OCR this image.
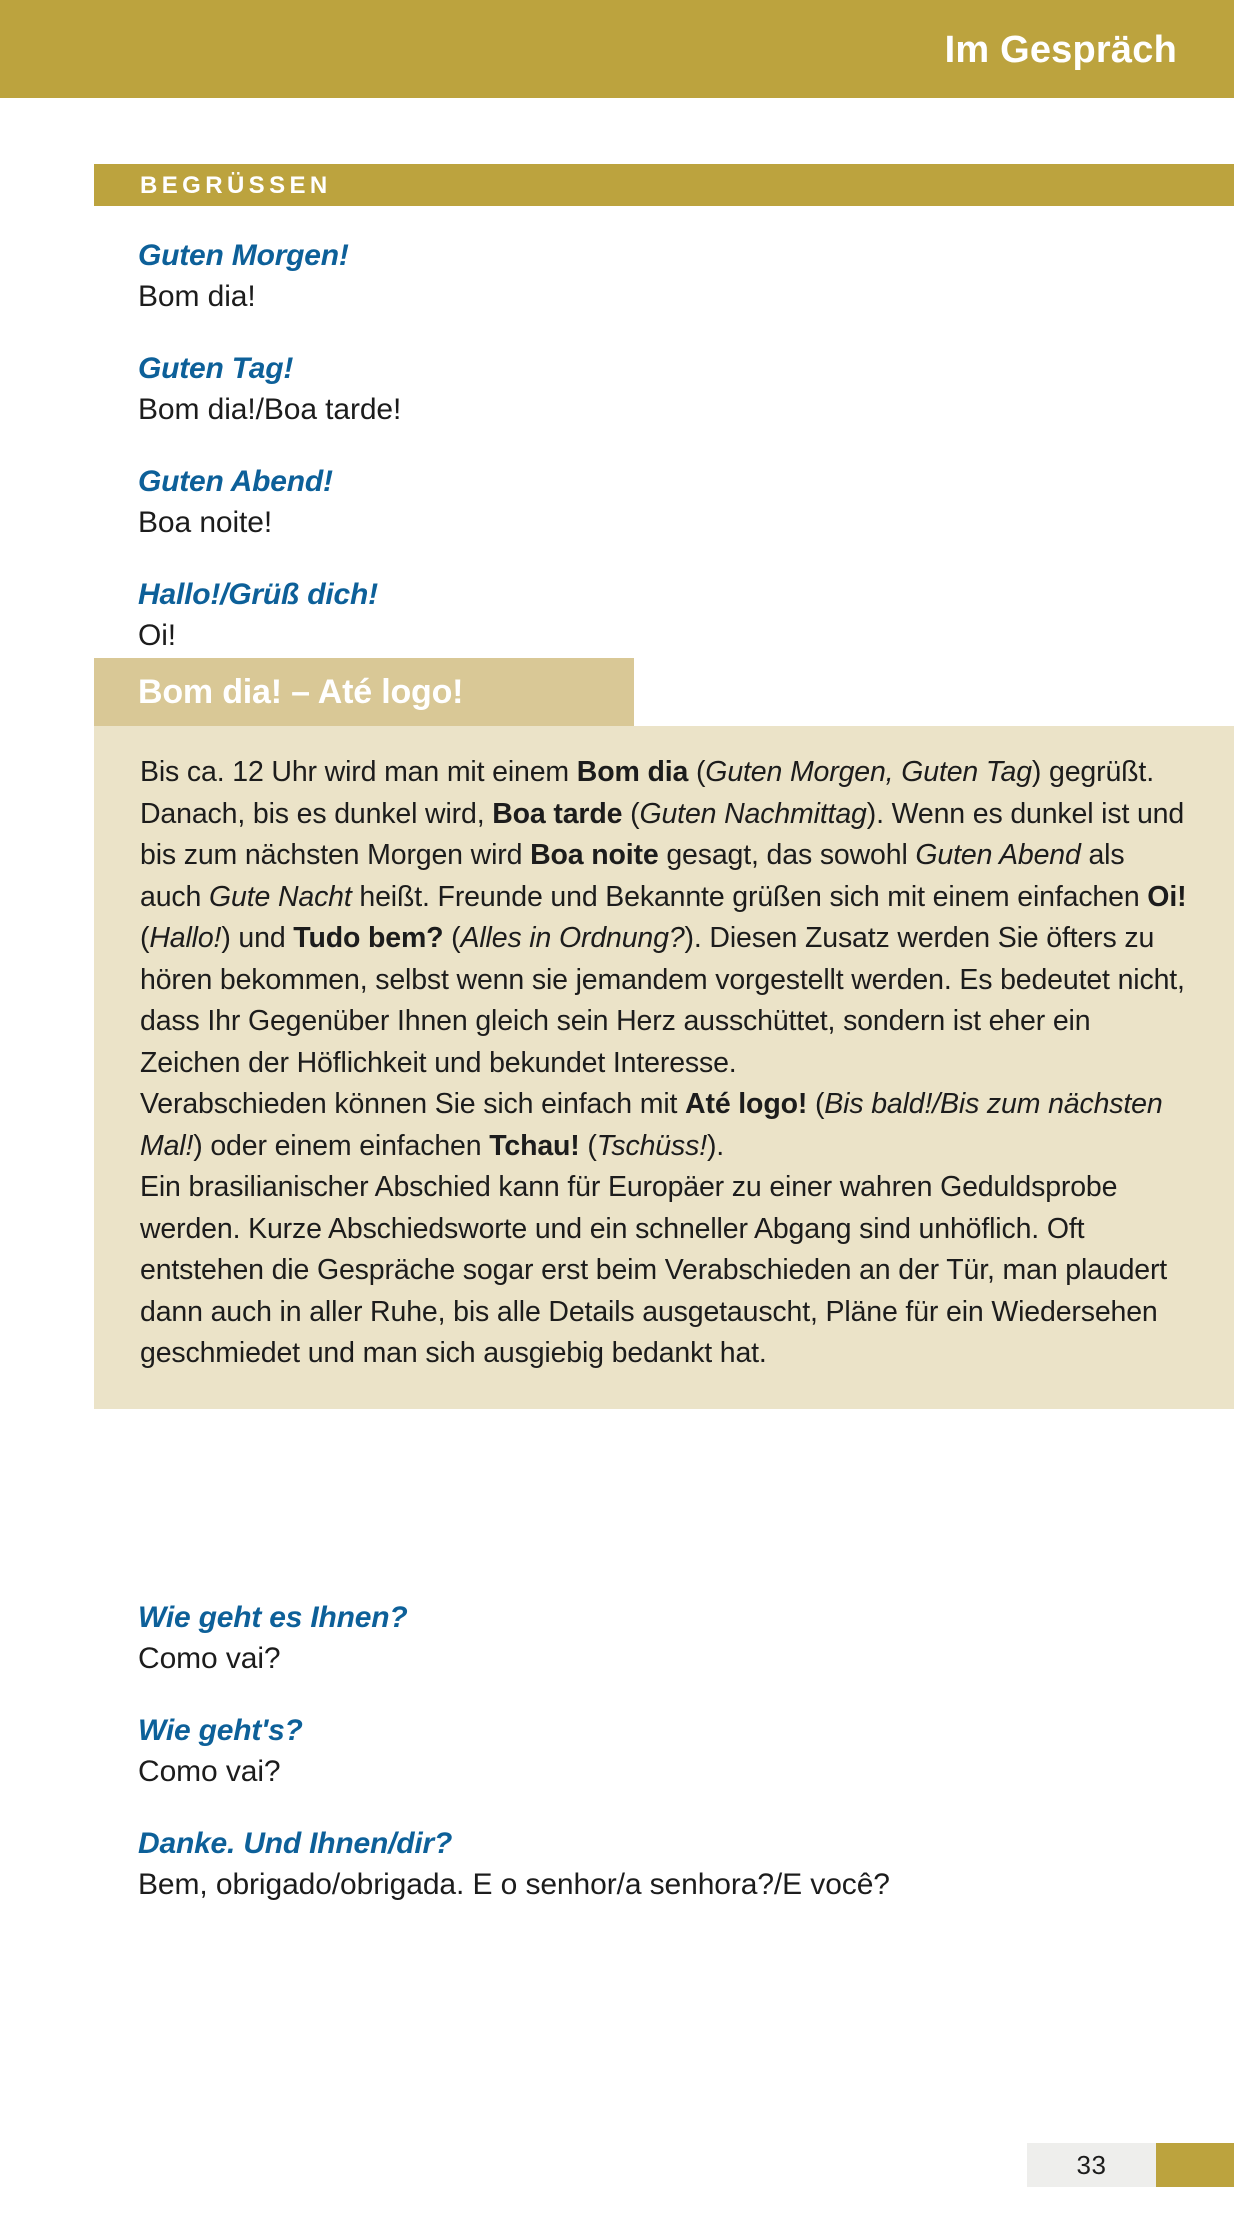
Im Gespräch
BEGRÜSSEN
Guten Morgen!
Bom dia!
Guten Tag!
Bom dia!/Boa tarde!
Guten Abend!
Boa noite!
Hallo!/Grüß dich!
Oi!
Bom dia! – Até logo!

Bis ca. 12 Uhr wird man mit einem Bom dia (Guten Morgen, Guten Tag) gegrüßt. Danach, bis es dunkel wird, Boa tarde (Guten Nachmittag). Wenn es dunkel ist und bis zum nächsten Morgen wird Boa noite gesagt, das sowohl Guten Abend als auch Gute Nacht heißt. Freunde und Bekannte grüßen sich mit einem einfachen Oi! (Hallo!) und Tudo bem? (Alles in Ordnung?). Diesen Zusatz werden Sie öfters zu hören bekommen, selbst wenn sie jemandem vorgestellt werden. Es bedeutet nicht, dass Ihr Gegenüber Ihnen gleich sein Herz ausschüttet, sondern ist eher ein Zeichen der Höflichkeit und bekundet Interesse.

Verabschieden können Sie sich einfach mit Até logo! (Bis bald!/Bis zum nächsten Mal!) oder einem einfachen Tchau! (Tschüss!).

Ein brasilianischer Abschied kann für Europäer zu einer wahren Geduldsprobe werden. Kurze Abschiedsworte und ein schneller Abgang sind unhöflich. Oft entstehen die Gespräche sogar erst beim Verabschieden an der Tür, man plaudert dann auch in aller Ruhe, bis alle Details ausgetauscht, Pläne für ein Wiedersehen geschmiedet und man sich ausgiebig bedankt hat.

Wie geht es Ihnen?
Como vai?
Wie geht's?
Como vai?
Danke. Und Ihnen/dir?
Bem, obrigado/obrigada. E o senhor/a senhora?/E você?
33
